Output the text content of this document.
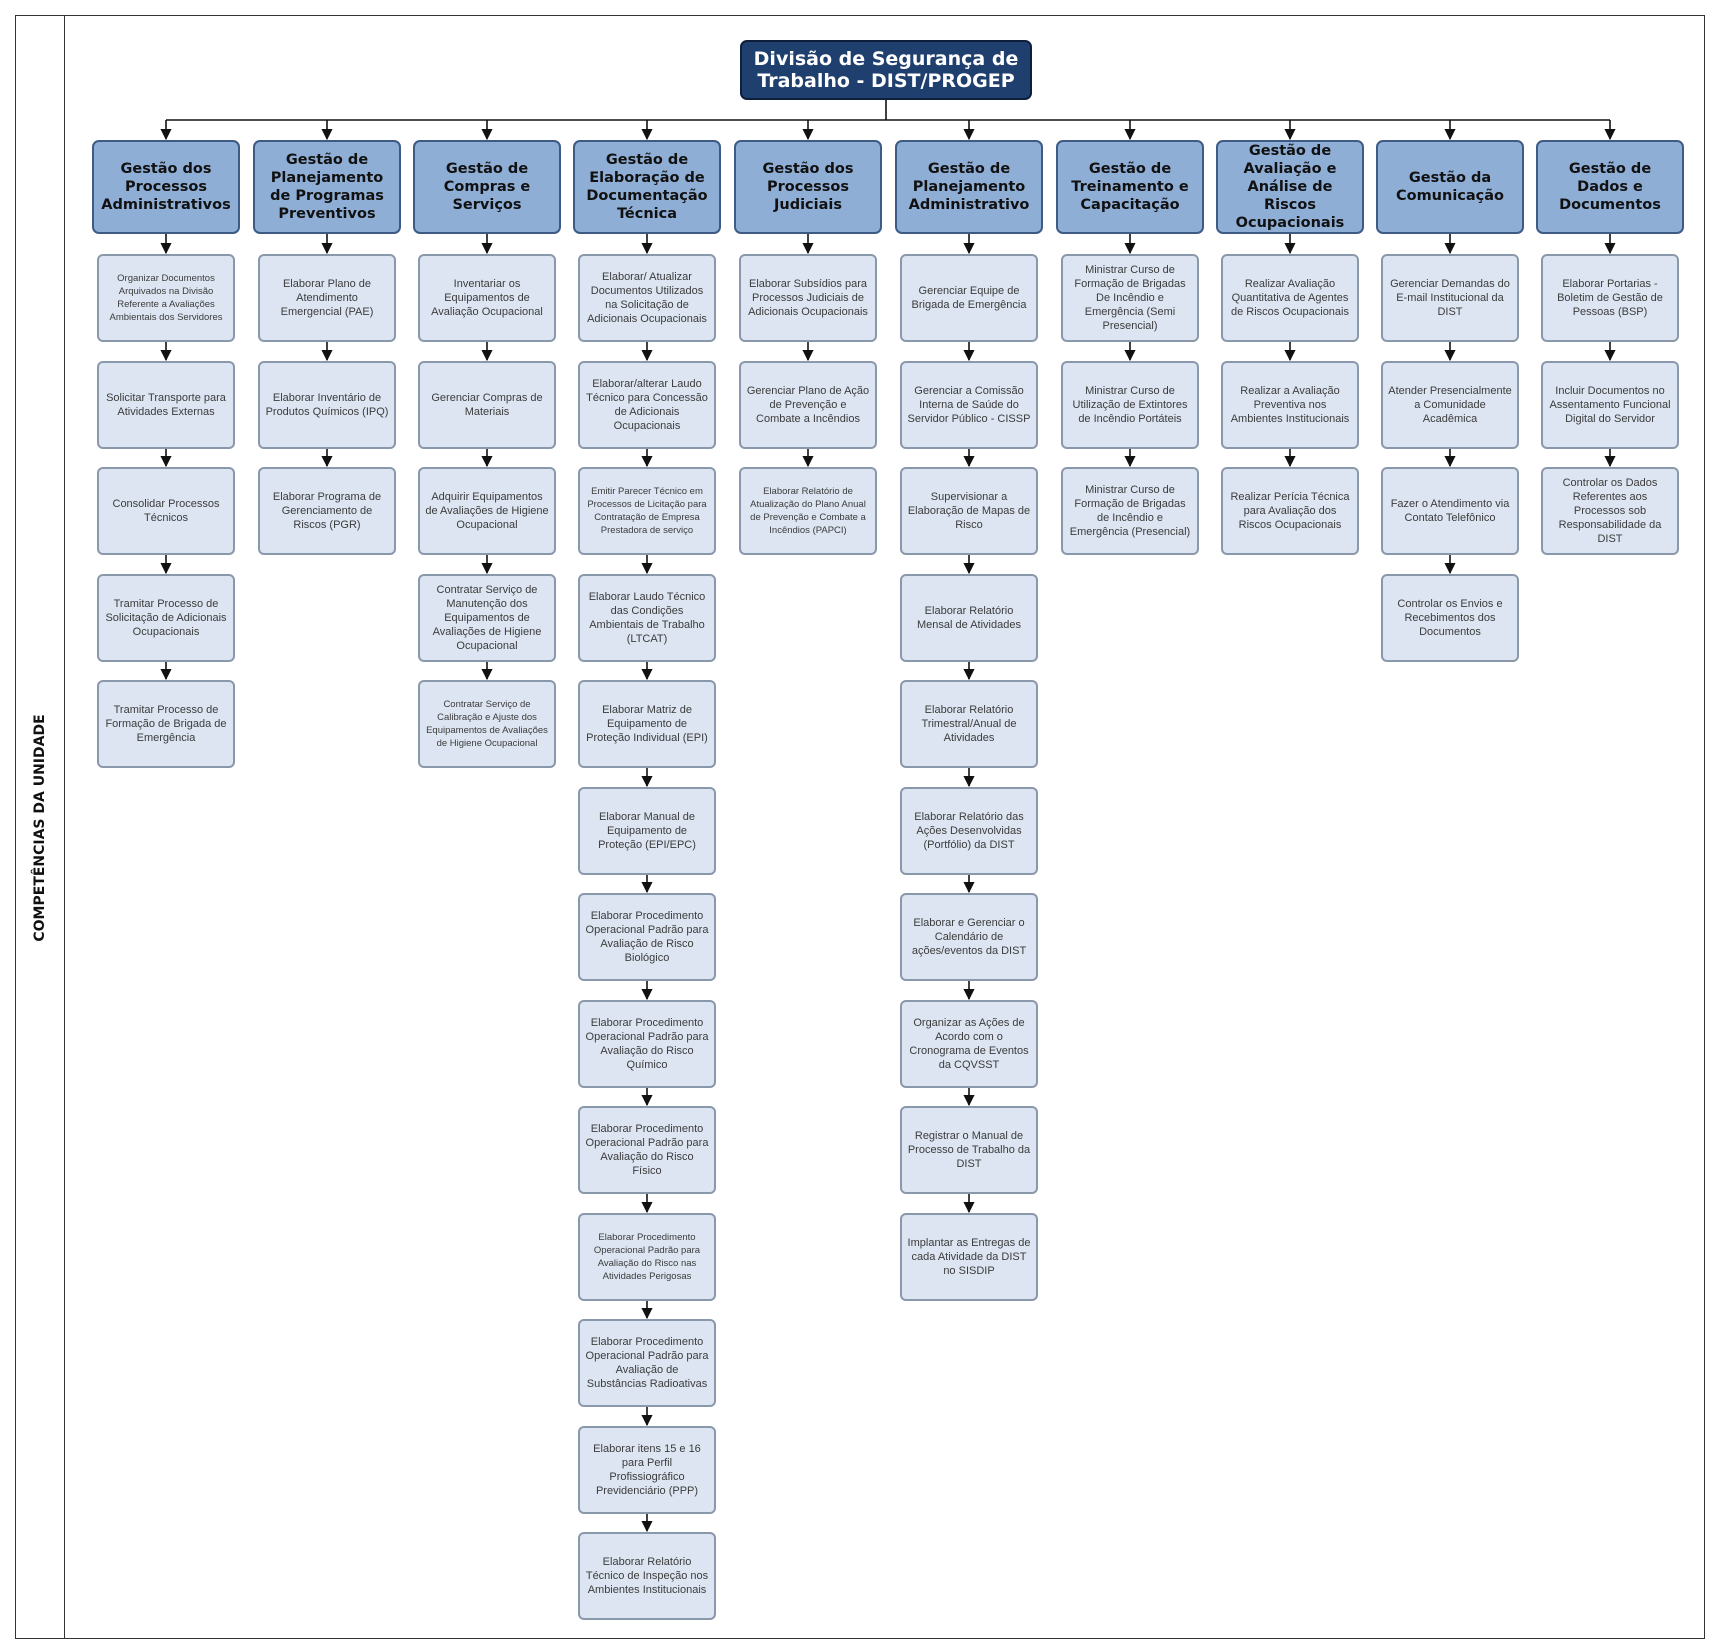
COMPETÊNCIAS DA UNIDADE
Divisão de Segurança de Trabalho - DIST/PROGEP
Gestão dos Processos Administrativos
Organizar Documentos Arquivados na Divisão Referente a Avaliações Ambientais dos Servidores
Solicitar Transporte para Atividades Externas
Consolidar Processos Técnicos
Tramitar Processo de Solicitação de Adicionais Ocupacionais
Tramitar Processo de Formação de Brigada de Emergência
Gestão de Planejamento de Programas Preventivos
Elaborar Plano de Atendimento Emergencial (PAE)
Elaborar Inventário de Produtos Químicos (IPQ)
Elaborar Programa de Gerenciamento de Riscos (PGR)
Gestão de Compras e Serviços
Inventariar os Equipamentos de Avaliação Ocupacional
Gerenciar Compras de Materiais
Adquirir Equipamentos de Avaliações de Higiene Ocupacional
Contratar Serviço de Manutenção dos Equipamentos de Avaliações de Higiene Ocupacional
Contratar Serviço de Calibração e Ajuste dos Equipamentos de Avaliações de Higiene Ocupacional
Gestão de Elaboração de Documentação Técnica
Elaborar/ Atualizar Documentos Utilizados na Solicitação de Adicionais Ocupacionais
Elaborar/alterar Laudo Técnico para Concessão de Adicionais Ocupacionais
Emitir Parecer Técnico em Processos de Licitação para Contratação de Empresa Prestadora de serviço
Elaborar Laudo Técnico das Condições Ambientais de Trabalho (LTCAT)
Elaborar Matriz de Equipamento de Proteção Individual (EPI)
Elaborar Manual de Equipamento de Proteção (EPI/EPC)
Elaborar Procedimento Operacional Padrão para Avaliação de Risco Biológico
Elaborar Procedimento Operacional Padrão para Avaliação do Risco Químico
Elaborar Procedimento Operacional Padrão para Avaliação do Risco Físico
Elaborar Procedimento Operacional Padrão para Avaliação do Risco nas Atividades Perigosas
Elaborar Procedimento Operacional Padrão para Avaliação de Substâncias Radioativas
Elaborar itens 15 e 16 para Perfil Profissiográfico Previdenciário (PPP)
Elaborar Relatório Técnico de Inspeção nos Ambientes Institucionais
Gestão dos Processos Judiciais
Elaborar Subsídios para Processos Judiciais de Adicionais Ocupacionais
Gerenciar Plano de Ação de Prevenção e Combate a Incêndios
Elaborar Relatório de Atualização do Plano Anual de Prevenção e Combate a Incêndios (PAPCI)
Gestão de Planejamento Administrativo
Gerenciar Equipe de Brigada de Emergência
Gerenciar a Comissão Interna de Saúde do Servidor Público - CISSP
Supervisionar a Elaboração de Mapas de Risco
Elaborar Relatório Mensal de Atividades
Elaborar Relatório Trimestral/Anual de Atividades
Elaborar Relatório das Ações Desenvolvidas (Portfólio) da DIST
Elaborar e Gerenciar o Calendário de ações/eventos da DIST
Organizar as Ações de Acordo com o Cronograma de Eventos da CQVSST
Registrar o Manual de Processo de Trabalho da DIST
Implantar as Entregas de cada Atividade da DIST no SISDIP
Gestão de Treinamento e Capacitação
Ministrar Curso de Formação de Brigadas De Incêndio e Emergência (Semi Presencial)
Ministrar Curso de Utilização de Extintores de Incêndio Portáteis
Ministrar Curso de Formação de Brigadas de Incêndio e Emergência (Presencial)
Gestão de Avaliação e Análise de Riscos Ocupacionais
Realizar Avaliação Quantitativa de Agentes de Riscos Ocupacionais
Realizar a Avaliação Preventiva nos Ambientes Institucionais
Realizar Perícia Técnica para Avaliação dos Riscos Ocupacionais
Gestão da Comunicação
Gerenciar Demandas do E-mail Institucional da DIST
Atender Presencialmente a Comunidade Acadêmica
Fazer o Atendimento via Contato Telefônico
Controlar os Envios e Recebimentos dos Documentos
Gestão de Dados e Documentos
Elaborar Portarias - Boletim de Gestão de Pessoas (BSP)
Incluir Documentos no Assentamento Funcional Digital do Servidor
Controlar os Dados Referentes aos Processos sob Responsabilidade da DIST
